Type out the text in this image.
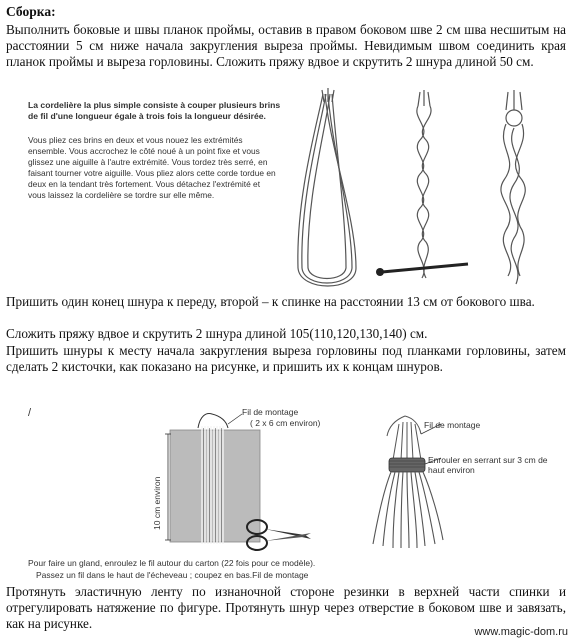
Сборка:

Выполнить боковые и швы планок проймы, оставив в правом боковом шве 2 см шва несшитым на расстоянии 5 см ниже начала закругления выреза проймы. Невидимым швом соединить края планок проймы и выреза горловины. Сложить пряжу вдвое и скрутить 2 шнура длиной 50 см.

La cordelière la plus simple consiste à couper plusieurs brins de fil d'une longueur égale à trois fois la longueur désirée.
Vous pliez ces brins en deux et vous nouez les extrémités ensemble. Vous accrochez le côté noué à un point fixe et vous glissez une aiguille à l'autre extrémité. Vous tordez très serré, en faisant tourner votre aiguille. Vous pliez alors cette corde tordue en deux en la tendant très fortement. Vous détachez l'extrémité et vous laissez la cordelière se tordre sur elle même.

Пришить один конец шнура к переду, второй – к спинке на расстоянии 13 см от бокового шва.

Сложить пряжу вдвое и скрутить 2 шнура длиной 105(110,120,130,140) см.

Пришить шнуры к месту начала закругления выреза горловины под планками горловины, затем сделать 2 кисточки, как показано на рисунке, и пришить их к концам шнуров.

/	Fil de montage
( 2 x 6 cm environ)
10 cm environ
Fil de montage
Enrouler en serrant sur 3 cm de haut environ
Pour faire un gland, enroulez le fil autour du carton (22 fois pour ce modèle).
Passez un fil dans le haut de l'écheveau ; coupez en bas.Fil de montage

Протянуть эластичную ленту по изнаночной стороне резинки в верхней части спинки и отрегулировать натяжение по фигуре. Протянуть шнур через отверстие в боковом шве и завязать, как на рисунке.

www.magic-dom.ru
